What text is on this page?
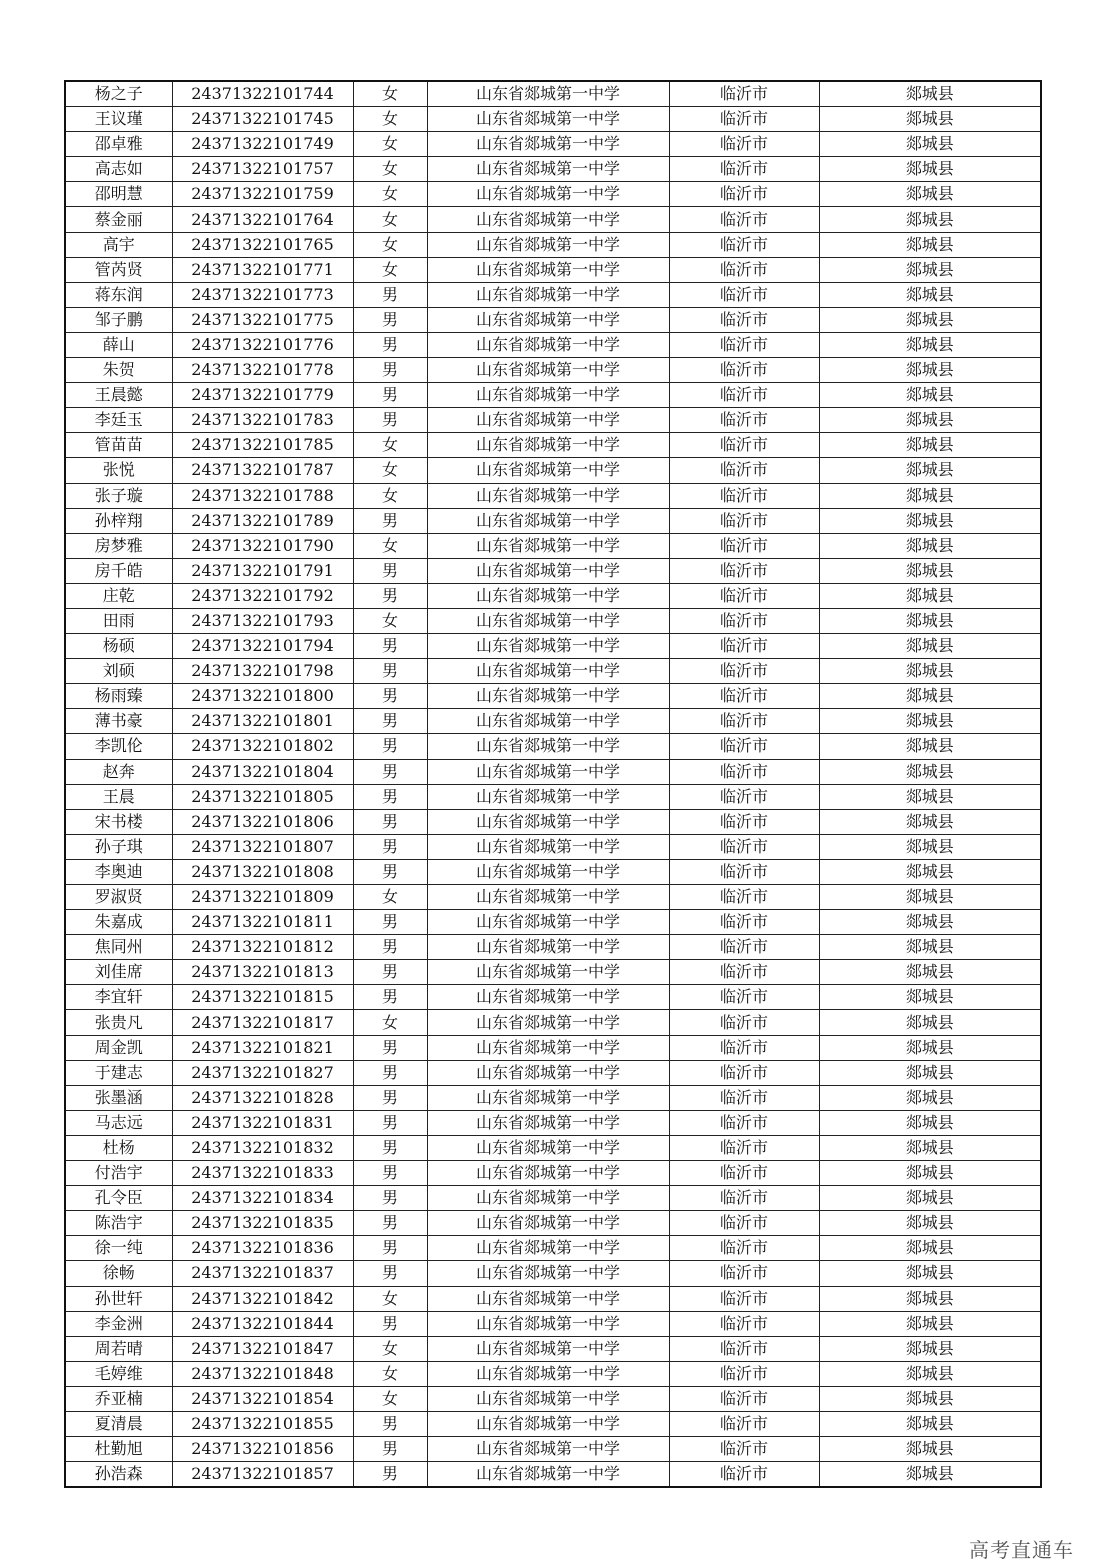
杨之子	24371322101744	女	山东省郯城第一中学	临沂市	郯城县
王议瑾	24371322101745	女	山东省郯城第一中学	临沂市	郯城县
邵卓雅	24371322101749	女	山东省郯城第一中学	临沂市	郯城县
高志如	24371322101757	女	山东省郯城第一中学	临沂市	郯城县
邵明慧	24371322101759	女	山东省郯城第一中学	临沂市	郯城县
蔡金丽	24371322101764	女	山东省郯城第一中学	临沂市	郯城县
高宇	24371322101765	女	山东省郯城第一中学	临沂市	郯城县
管芮贤	24371322101771	女	山东省郯城第一中学	临沂市	郯城县
蒋东润	24371322101773	男	山东省郯城第一中学	临沂市	郯城县
邹子鹏	24371322101775	男	山东省郯城第一中学	临沂市	郯城县
薛山	24371322101776	男	山东省郯城第一中学	临沂市	郯城县
朱贺	24371322101778	男	山东省郯城第一中学	临沂市	郯城县
王晨懿	24371322101779	男	山东省郯城第一中学	临沂市	郯城县
李廷玉	24371322101783	男	山东省郯城第一中学	临沂市	郯城县
管苗苗	24371322101785	女	山东省郯城第一中学	临沂市	郯城县
张悦	24371322101787	女	山东省郯城第一中学	临沂市	郯城县
张子璇	24371322101788	女	山东省郯城第一中学	临沂市	郯城县
孙梓翔	24371322101789	男	山东省郯城第一中学	临沂市	郯城县
房梦雅	24371322101790	女	山东省郯城第一中学	临沂市	郯城县
房千皓	24371322101791	男	山东省郯城第一中学	临沂市	郯城县
庄乾	24371322101792	男	山东省郯城第一中学	临沂市	郯城县
田雨	24371322101793	女	山东省郯城第一中学	临沂市	郯城县
杨硕	24371322101794	男	山东省郯城第一中学	临沂市	郯城县
刘硕	24371322101798	男	山东省郯城第一中学	临沂市	郯城县
杨雨臻	24371322101800	男	山东省郯城第一中学	临沂市	郯城县
薄书豪	24371322101801	男	山东省郯城第一中学	临沂市	郯城县
李凯伦	24371322101802	男	山东省郯城第一中学	临沂市	郯城县
赵奔	24371322101804	男	山东省郯城第一中学	临沂市	郯城县
王晨	24371322101805	男	山东省郯城第一中学	临沂市	郯城县
宋书楼	24371322101806	男	山东省郯城第一中学	临沂市	郯城县
孙子琪	24371322101807	男	山东省郯城第一中学	临沂市	郯城县
李奥迪	24371322101808	男	山东省郯城第一中学	临沂市	郯城县
罗淑贤	24371322101809	女	山东省郯城第一中学	临沂市	郯城县
朱嘉成	24371322101811	男	山东省郯城第一中学	临沂市	郯城县
焦同州	24371322101812	男	山东省郯城第一中学	临沂市	郯城县
刘佳席	24371322101813	男	山东省郯城第一中学	临沂市	郯城县
李宜轩	24371322101815	男	山东省郯城第一中学	临沂市	郯城县
张贵凡	24371322101817	女	山东省郯城第一中学	临沂市	郯城县
周金凯	24371322101821	男	山东省郯城第一中学	临沂市	郯城县
于建志	24371322101827	男	山东省郯城第一中学	临沂市	郯城县
张墨涵	24371322101828	男	山东省郯城第一中学	临沂市	郯城县
马志远	24371322101831	男	山东省郯城第一中学	临沂市	郯城县
杜杨	24371322101832	男	山东省郯城第一中学	临沂市	郯城县
付浩宇	24371322101833	男	山东省郯城第一中学	临沂市	郯城县
孔令臣	24371322101834	男	山东省郯城第一中学	临沂市	郯城县
陈浩宇	24371322101835	男	山东省郯城第一中学	临沂市	郯城县
徐一纯	24371322101836	男	山东省郯城第一中学	临沂市	郯城县
徐畅	24371322101837	男	山东省郯城第一中学	临沂市	郯城县
孙世轩	24371322101842	女	山东省郯城第一中学	临沂市	郯城县
李金洲	24371322101844	男	山东省郯城第一中学	临沂市	郯城县
周若晴	24371322101847	女	山东省郯城第一中学	临沂市	郯城县
毛婷维	24371322101848	女	山东省郯城第一中学	临沂市	郯城县
乔亚楠	24371322101854	女	山东省郯城第一中学	临沂市	郯城县
夏清晨	24371322101855	男	山东省郯城第一中学	临沂市	郯城县
杜勤旭	24371322101856	男	山东省郯城第一中学	临沂市	郯城县
孙浩森	24371322101857	男	山东省郯城第一中学	临沂市	郯城县
高考直通车
